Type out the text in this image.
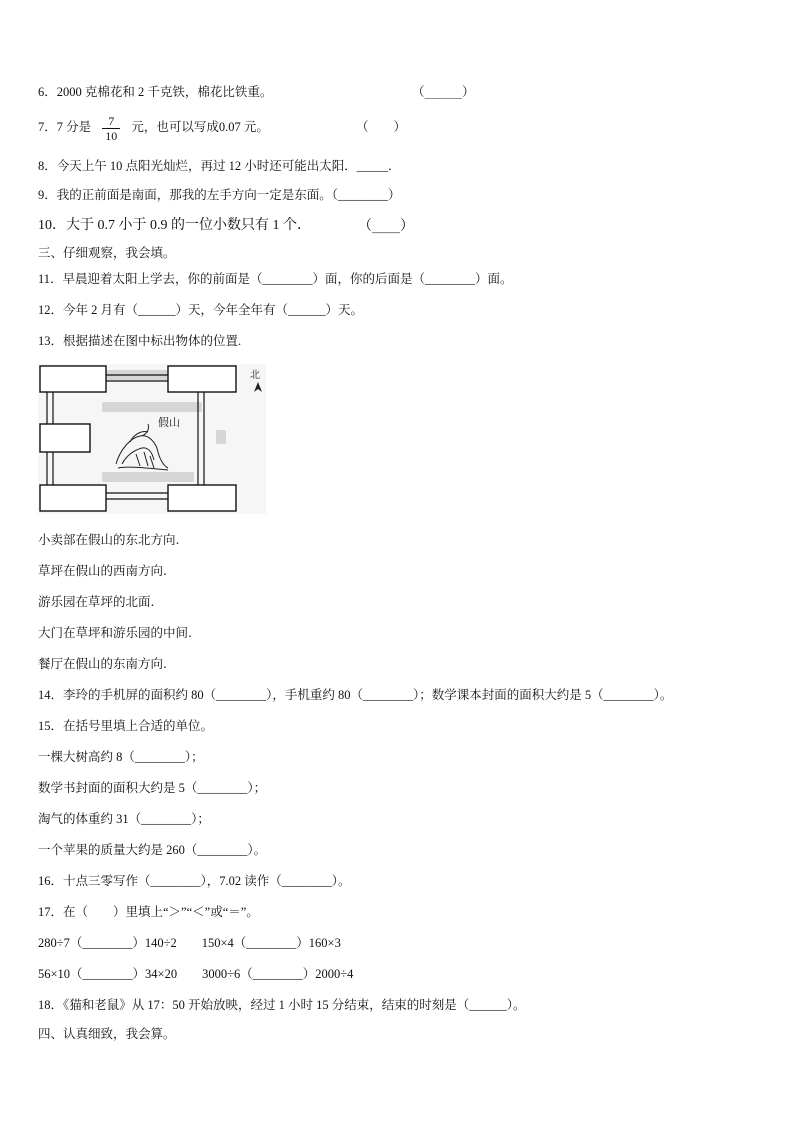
6．2000 克棉花和 2 千克铁，棉花比铁重。	（______）
7．7 分是 $\frac{7}{10}$ 元，也可以写成0.07 元。	（　　）
8．今天上午 10 点阳光灿烂，再过 12 小时还可能出太阳．_____．
9．我的正前面是南面，那我的左手方向一定是东面。（________）
10．大于 0.7 小于 0.9 的一位小数只有 1 个．	（____）
三、仔细观察，我会填。
11．早晨迎着太阳上学去，你的前面是（________）面，你的后面是（________）面。
12．今年 2 月有（______）天，今年全年有（______）天。
13．根据描述在图中标出物体的位置.
假山
北
小卖部在假山的东北方向.
草坪在假山的西南方向.
游乐园在草坪的北面.
大门在草坪和游乐园的中间.
餐厅在假山的东南方向.
14．李玲的手机屏的面积约 80（________），手机重约 80（________）；数学课本封面的面积大约是 5（________）。
15．在括号里填上合适的单位。
一棵大树高约 8（________）；
数学书封面的面积大约是 5（________）；
淘气的体重约 31（________）；
一个苹果的质量大约是 260（________）。
16．十点三零写作（________），7.02 读作（________）。
17．在（　　）里填上“＞”“＜”或“＝”。
280÷7（________）140÷2　　150×4（________）160×3
56×10（________）34×20　　3000÷6（________）2000÷4
18．《猫和老鼠》从 17：50 开始放映，经过 1 小时 15 分结束，结束的时刻是（______）。
四、认真细致，我会算。
